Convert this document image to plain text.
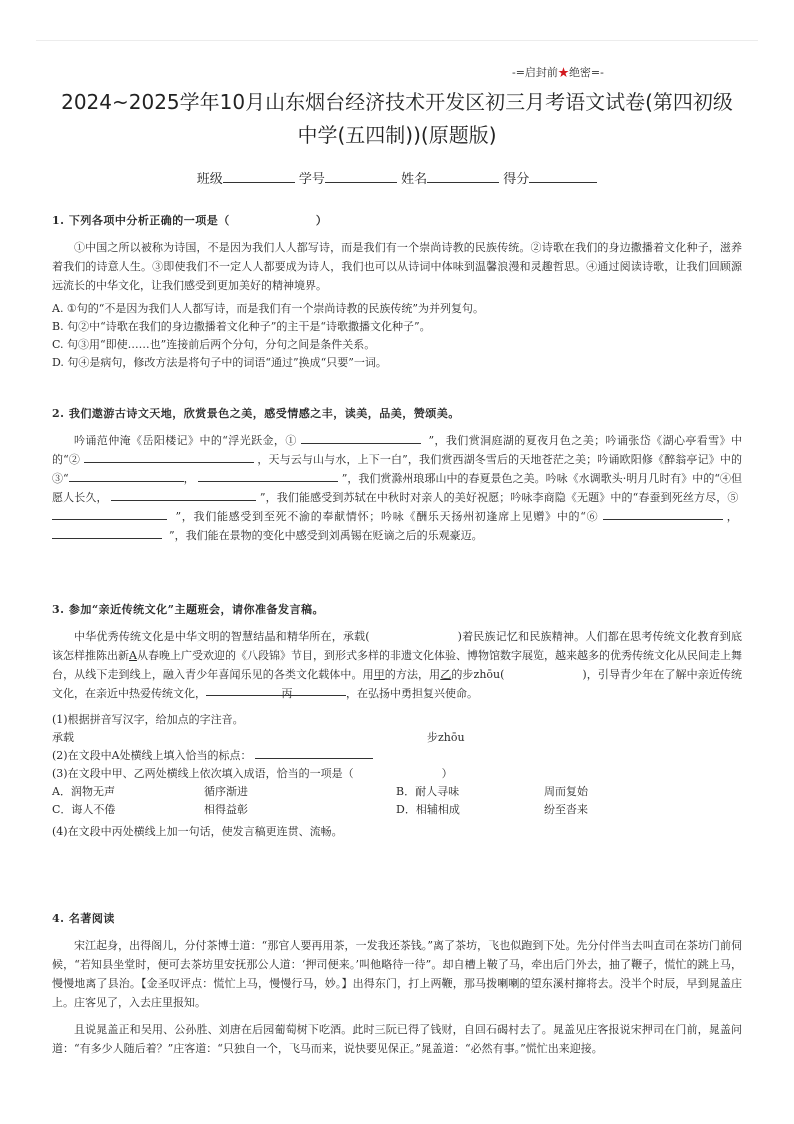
-=启封前★绝密=-
2024~2025学年10月山东烟台经济技术开发区初三月考语文试卷(第四初级
中学(五四制))(原题版)
班级	学号	姓名	得分
1. 下列各项中分析正确的一项是（	）

①中国之所以被称为诗国，不是因为我们人人都写诗，而是我们有一个崇尚诗教的民族传统。②诗歌在我们的身边撒播着文化种子，滋养着我们的诗意人生。③即使我们不一定人人都要成为诗人，我们也可以从诗词中体味到温馨浪漫和灵趣哲思。④通过阅读诗歌，让我们回顾源远流长的中华文化，让我们感受到更加美好的精神境界。

A. ①句的“不是因为我们人人都写诗，而是我们有一个崇尚诗教的民族传统”为并列复句。

B. 句②中“诗歌在我们的身边撒播着文化种子”的主干是“诗歌撒播文化种子”。

C. 句③用“即使……也”连接前后两个分句，分句之间是条件关系。

D. 句④是病句，修改方法是将句子中的词语“通过”换成“只要”一词。

2. 我们遨游古诗文天地，欣赏景色之美，感受情感之丰，读美，品美，赞颂美。

吟诵范仲淹《岳阳楼记》中的“浮光跃金，①	”，我们赏洞庭湖的夏夜月色之美；吟诵张岱《湖心亭看雪》中的“②	，天与云与山与水，上下一白”，我们赏西湖冬雪后的天地苍茫之美；吟诵欧阳修《醉翁亭记》中的③“	，	”，我们赏滁州琅琊山中的春夏景色之美。吟咏《水调歌头·明月几时有》中的“④但愿人长久，	”，我们能感受到苏轼在中秋时对亲人的美好祝愿；吟咏李商隐《无题》中的“春蚕到死丝方尽，⑤   ”，我们能感受到至死不渝的奉献情怀；吟咏《酬乐天扬州初逢席上见赠》中的“⑥	，   ”，我们能在景物的变化中感受到刘禹锡在贬谪之后的乐观豪迈。

3. 参加“亲近传统文化”主题班会，请你准备发言稿。

中华优秀传统文化是中华文明的智慧结晶和精华所在，承载(	)着民族记忆和民族精神。人们都在思考传统文化教育到底该怎样推陈出新A从春晚上广受欢迎的《八段锦》节目，到形式多样的非遗文化体验、博物馆数字展览，越来越多的优秀传统文化从民间走上舞台，从线下走到线上，融入青少年喜闻乐见的各类文化载体中。用甲的方法，用乙的步zhōu(	)，引导青少年在了解中亲近传统文化，在亲近中热爱传统文化，	丙	，在弘扬中勇担复兴使命。

(1)根据拼音写汉字，给加点的字注音。
承载	步zhōu
(2)在文段中A处横线上填入恰当的标点：
(3)在文段中甲、乙两处横线上依次填入成语，恰当的一项是（	）
A．润物无声	循序渐进	B．耐人寻味	周而复始
C．诲人不倦	相得益彰	D．相辅相成	纷至沓来
(4)在文段中丙处横线上加一句话，使发言稿更连贯、流畅。
4. 名著阅读

宋江起身，出得阁儿，分付茶博士道：“那官人要再用茶，一发我还茶钱。”离了茶坊，飞也似跑到下处。先分付伴当去叫直司在茶坊门前伺候，“若知县坐堂时，便可去茶坊里安抚那公人道：‘押司便来。’叫他略待一待”。却自槽上鞁了马，牵出后门外去，抽了鞭子，慌忙的跳上马，慢慢地离了县治。【金圣叹评点：慌忙上马，慢慢行马，妙。】出得东门，打上两鞭，那马拨喇喇的望东溪村撺将去。没半个时辰，早到晁盖庄上。庄客见了，入去庄里报知。

且说晁盖正和吴用、公孙胜、刘唐在后园葡萄树下吃酒。此时三阮已得了钱财，自回石碣村去了。晁盖见庄客报说宋押司在门前，晁盖问道：“有多少人随后着？”庄客道：“只独自一个，飞马而来，说快要见保正。”晁盖道：“必然有事。”慌忙出来迎接。
